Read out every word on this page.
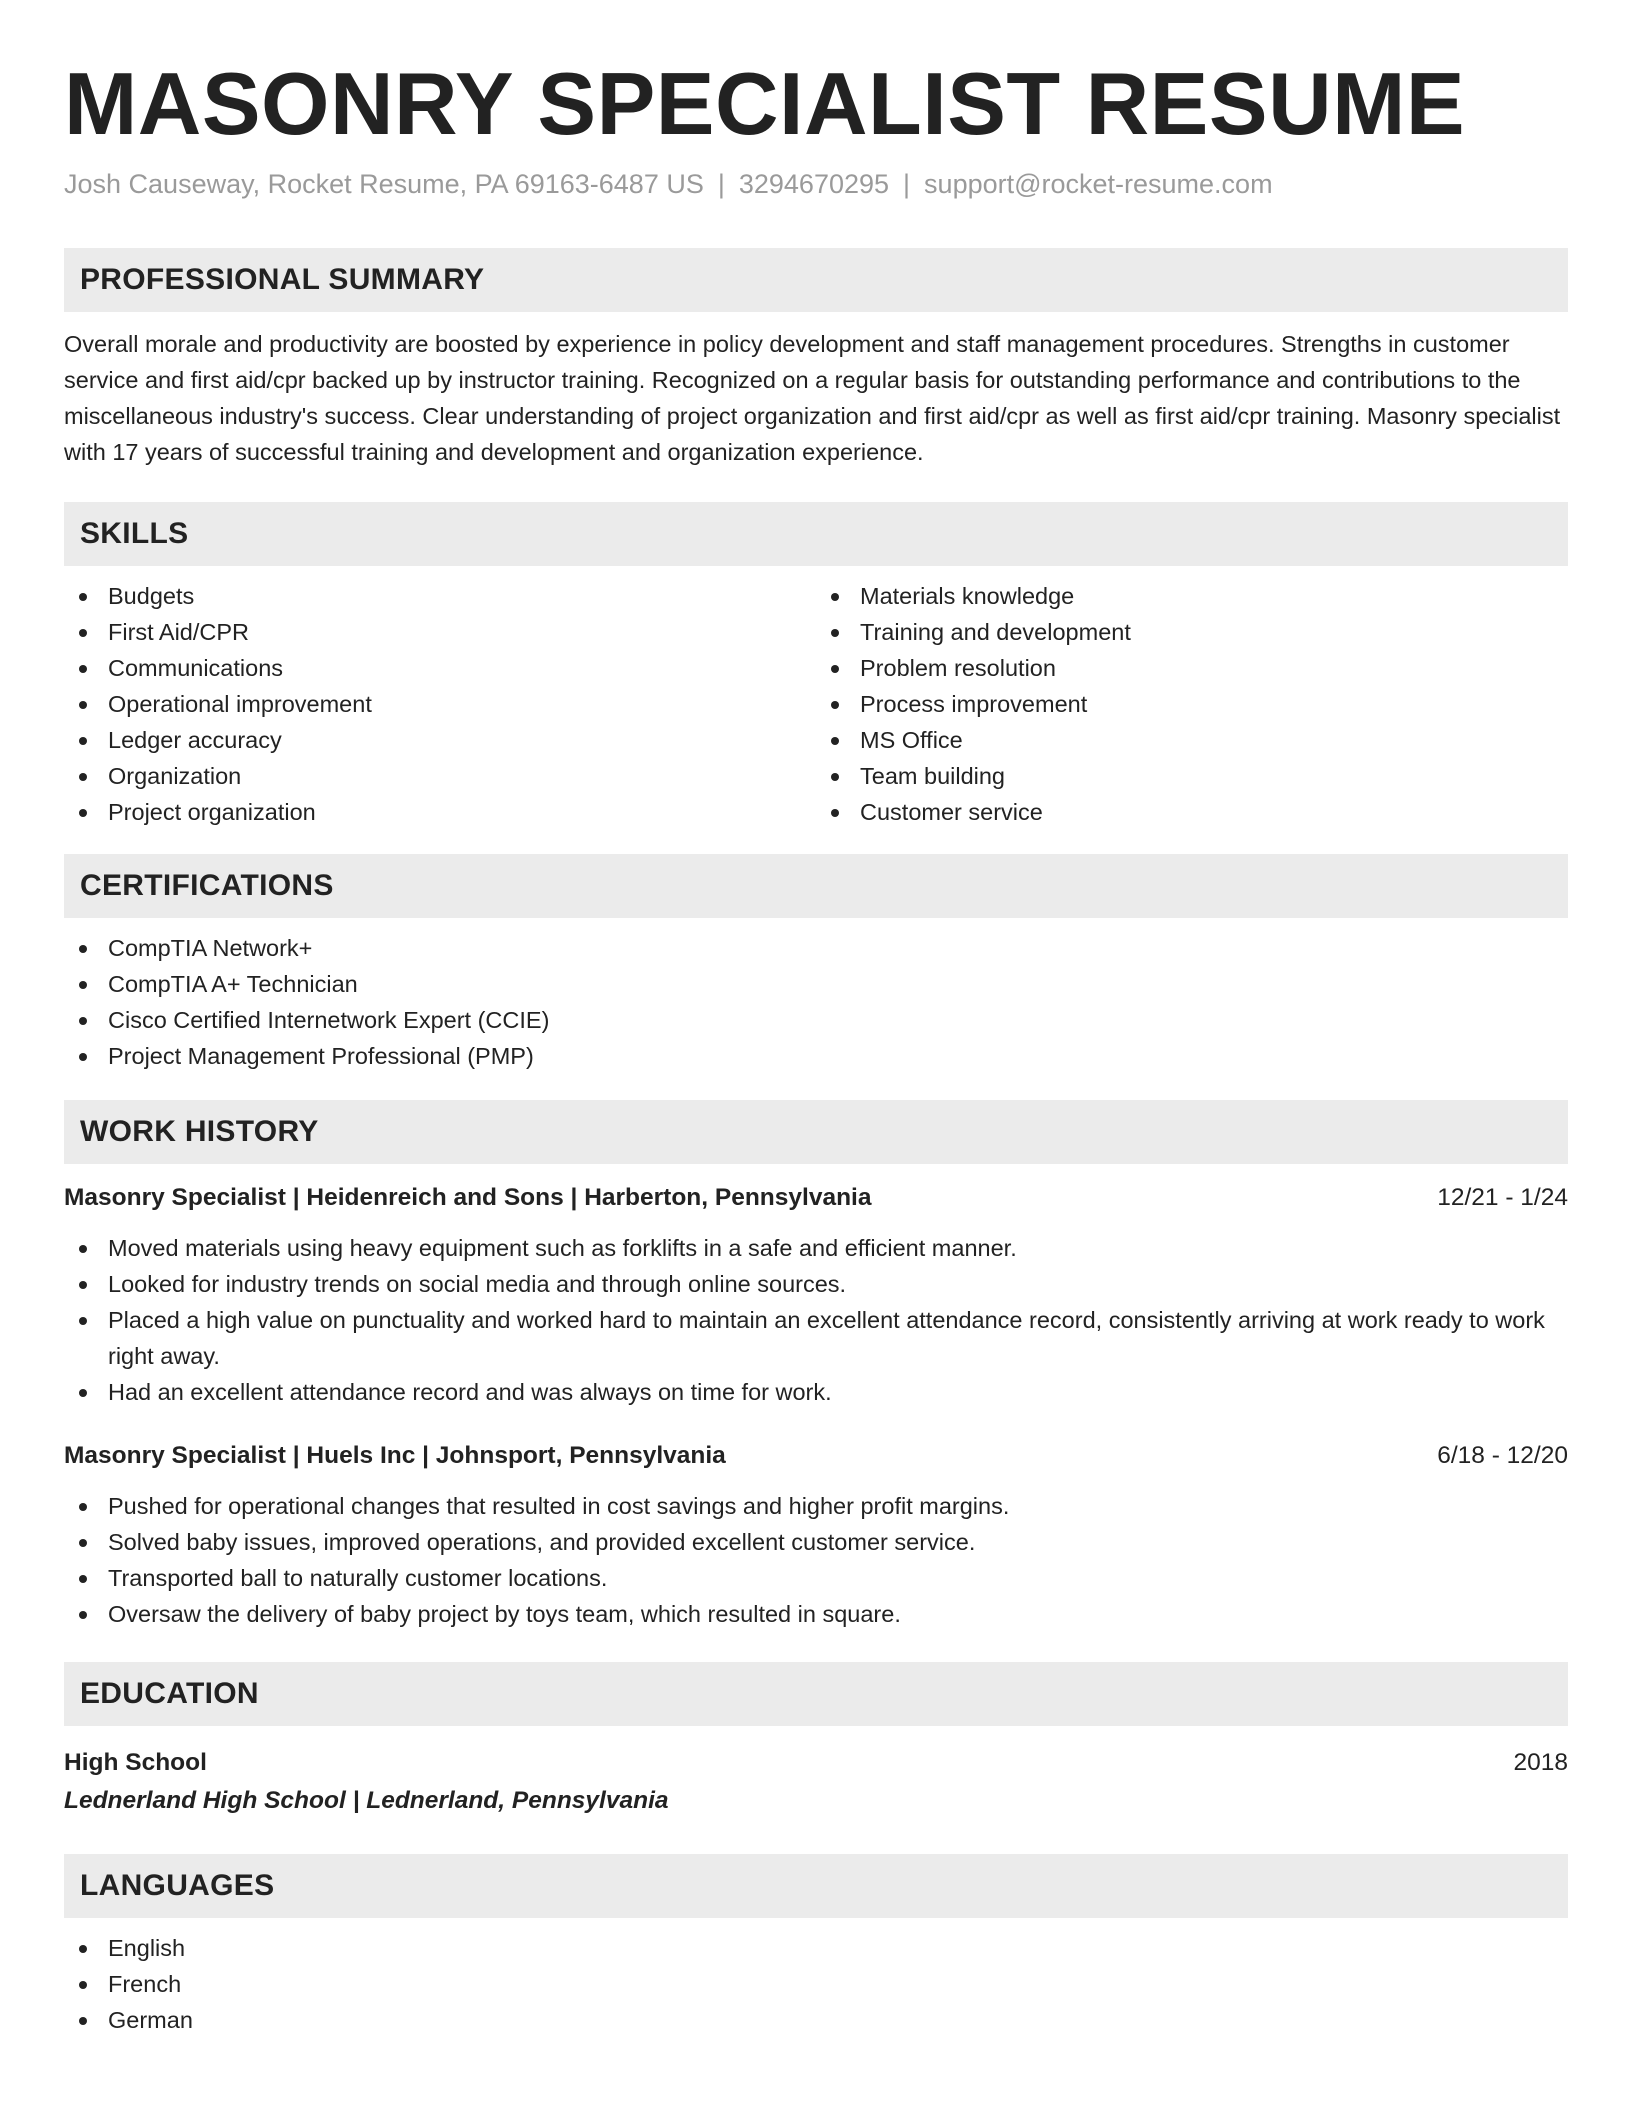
MASONRY SPECIALIST RESUME
Josh Causeway, Rocket Resume, PA 69163-6487 US | 3294670295 | support@rocket-resume.com
PROFESSIONAL SUMMARY

Overall morale and productivity are boosted by experience in policy development and staff management procedures. Strengths in customer service and first aid/cpr backed up by instructor training. Recognized on a regular basis for outstanding performance and contributions to the miscellaneous industry's success. Clear understanding of project organization and first aid/cpr as well as first aid/cpr training. Masonry specialist with 17 years of successful training and development and organization experience.

SKILLS
Budgets
First Aid/CPR
Communications
Operational improvement
Ledger accuracy
Organization
Project organization
Materials knowledge
Training and development
Problem resolution
Process improvement
MS Office
Team building
Customer service
CERTIFICATIONS
CompTIA Network+
CompTIA A+ Technician
Cisco Certified Internetwork Expert (CCIE)
Project Management Professional (PMP)
WORK HISTORY
Masonry Specialist | Heidenreich and Sons | Harberton, Pennsylvania	12/21 - 1/24
Moved materials using heavy equipment such as forklifts in a safe and efficient manner.
Looked for industry trends on social media and through online sources.
Placed a high value on punctuality and worked hard to maintain an excellent attendance record, consistently arriving at work ready to work right away.
Had an excellent attendance record and was always on time for work.
Masonry Specialist | Huels Inc | Johnsport, Pennsylvania	6/18 - 12/20
Pushed for operational changes that resulted in cost savings and higher profit margins.
Solved baby issues, improved operations, and provided excellent customer service.
Transported ball to naturally customer locations.
Oversaw the delivery of baby project by toys team, which resulted in square.
EDUCATION
High School	2018
Lednerland High School | Lednerland, Pennsylvania
LANGUAGES
English
French
German
